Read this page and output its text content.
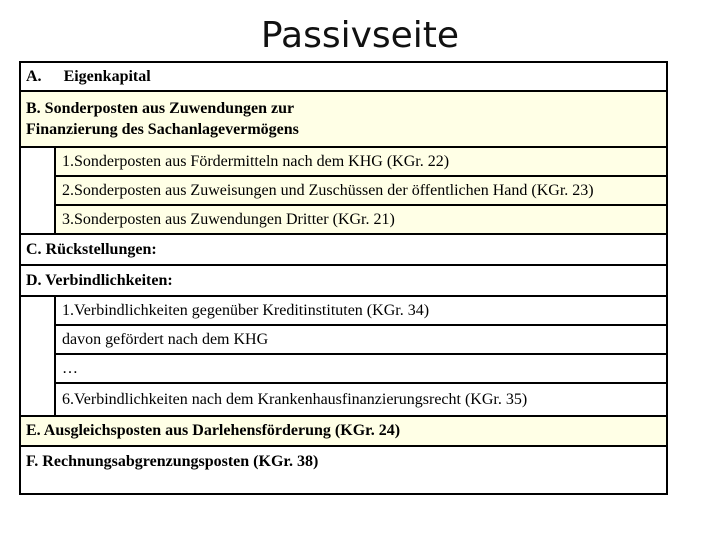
Passivseite
A. Eigenkapital
B. Sonderposten aus Zuwendungen zur
Finanzierung des Sachanlagevermögens
1.Sonderposten aus Fördermitteln nach dem KHG (KGr. 22)
2.Sonderposten aus Zuweisungen und Zuschüssen der öffentlichen Hand (KGr. 23)
3.Sonderposten aus Zuwendungen Dritter (KGr. 21)
C. Rückstellungen:
D. Verbindlichkeiten:
1.Verbindlichkeiten gegenüber Kreditinstituten (KGr. 34)
davon gefördert nach dem KHG
…
6.Verbindlichkeiten nach dem Krankenhausfinanzierungsrecht (KGr. 35)
E. Ausgleichsposten aus Darlehensförderung (KGr. 24)
F. Rechnungsabgrenzungsposten (KGr. 38)
